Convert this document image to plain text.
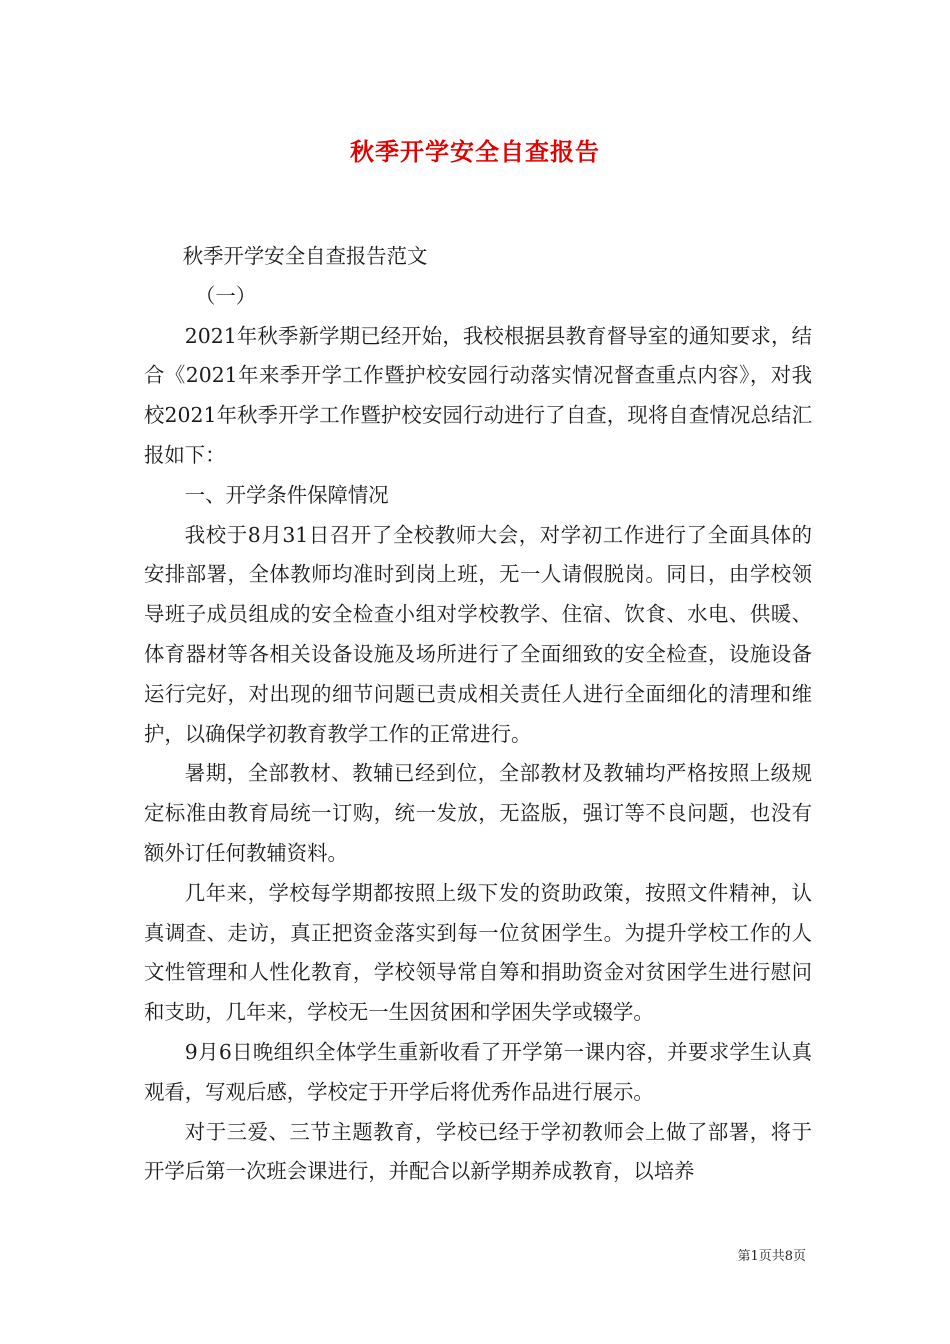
秋季开学安全自查报告

秋季开学安全自查报告范文

（一）

2021年秋季新学期已经开始，我校根据县教育督导室的通知要求，结合《2021年来季开学工作暨护校安园行动落实情况督查重点内容》，对我校2021年秋季开学工作暨护校安园行动进行了自查，现将自查情况总结汇报如下：

一、开学条件保障情况

我校于8月31日召开了全校教师大会，对学初工作进行了全面具体的安排部署，全体教师均准时到岗上班，无一人请假脱岗。同日，由学校领导班子成员组成的安全检查小组对学校教学、住宿、饮食、水电、供暖、体育器材等各相关设备设施及场所进行了全面细致的安全检查，设施设备运行完好，对出现的细节问题已责成相关责任人进行全面细化的清理和维护，以确保学初教育教学工作的正常进行。

暑期，全部教材、教辅已经到位，全部教材及教辅均严格按照上级规定标准由教育局统一订购，统一发放，无盗版，强订等不良问题，也没有额外订任何教辅资料。

几年来，学校每学期都按照上级下发的资助政策，按照文件精神，认真调查、走访，真正把资金落实到每一位贫困学生。为提升学校工作的人文性管理和人性化教育，学校领导常自筹和捐助资金对贫困学生进行慰问和支助，几年来，学校无一生因贫困和学困失学或辍学。

9月6日晚组织全体学生重新收看了开学第一课内容，并要求学生认真观看，写观后感，学校定于开学后将优秀作品进行展示。

对于三爱、三节主题教育，学校已经于学初教师会上做了部署，将于开学后第一次班会课进行，并配合以新学期养成教育，以培养

第1页共8页
